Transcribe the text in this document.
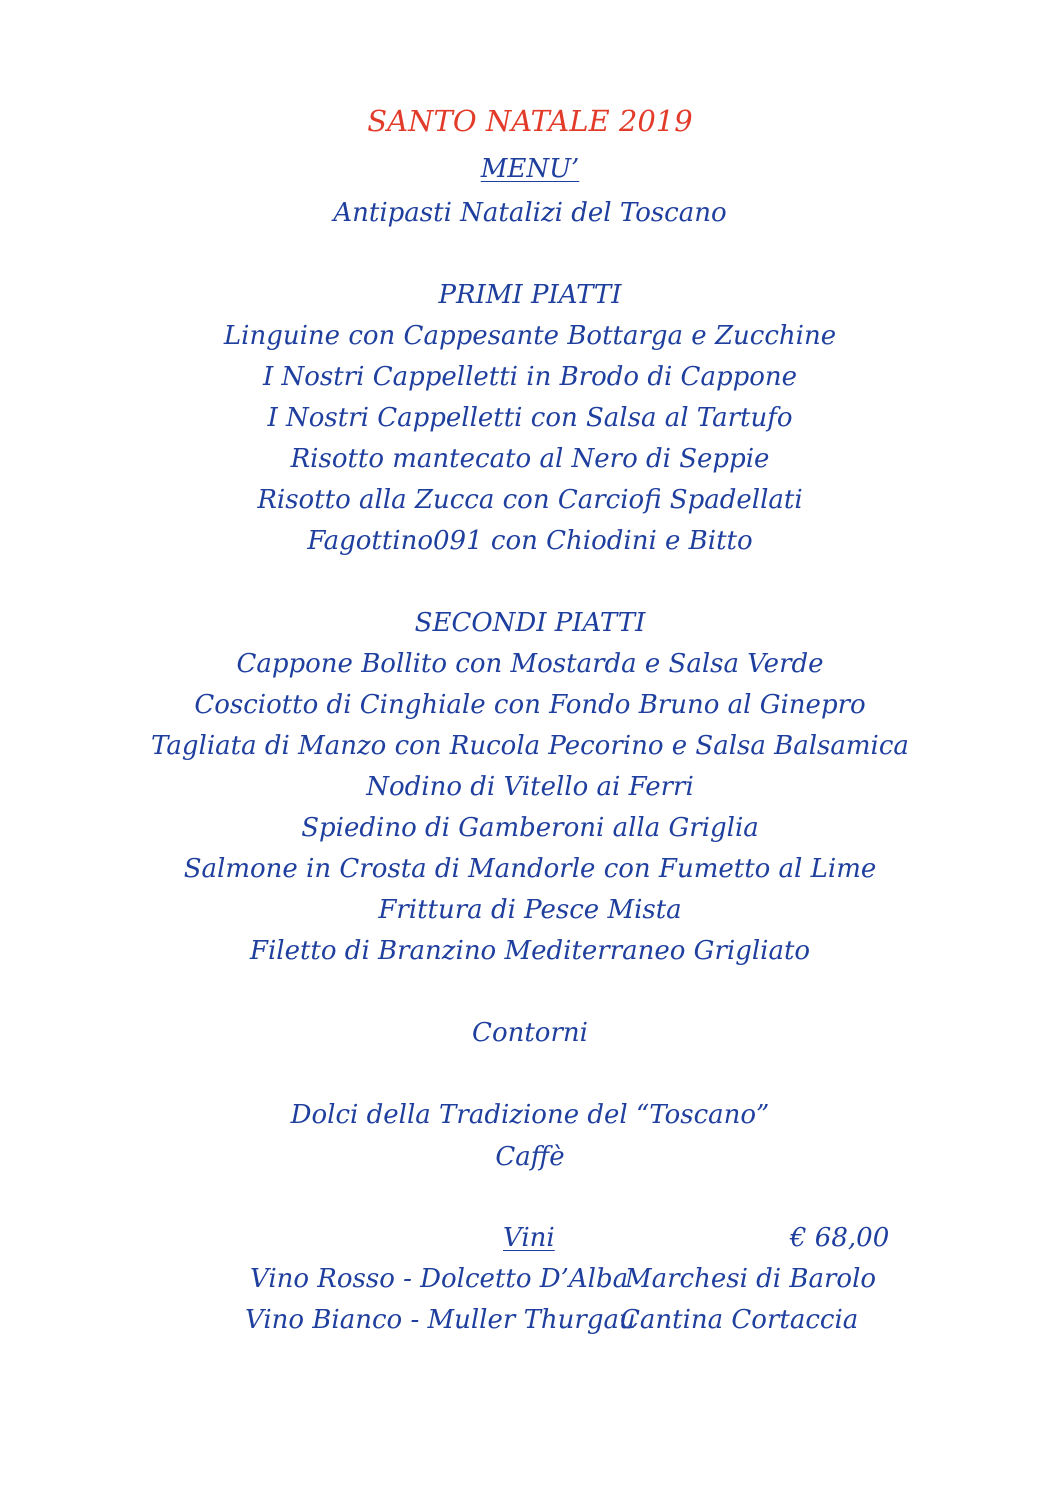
SANTO NATALE 2019
MENU’
Antipasti Natalizi del Toscano
PRIMI PIATTI
Linguine con Cappesante Bottarga e Zucchine
I Nostri Cappelletti in Brodo di Cappone
I Nostri Cappelletti con Salsa al Tartufo
Risotto mantecato al Nero di Seppie
Risotto alla Zucca con Carciofi Spadellati
Fagottino091 con Chiodini e Bitto
SECONDI PIATTI
Cappone Bollito con Mostarda e Salsa Verde
Cosciotto di Cinghiale con Fondo Bruno al Ginepro
Tagliata di Manzo con Rucola Pecorino e Salsa Balsamica
Nodino di Vitello ai Ferri
Spiedino di Gamberoni alla Griglia
Salmone in Crosta di Mandorle con Fumetto al Lime
Frittura di Pesce Mista
Filetto di Branzino Mediterraneo Grigliato
Contorni
Dolci della Tradizione del “Toscano”
Caffè
Vini	€ 68,00
Vino Rosso - Dolcetto D’Alba
Marchesi di Barolo
Vino Bianco - Muller Thurgau
Cantina Cortaccia
